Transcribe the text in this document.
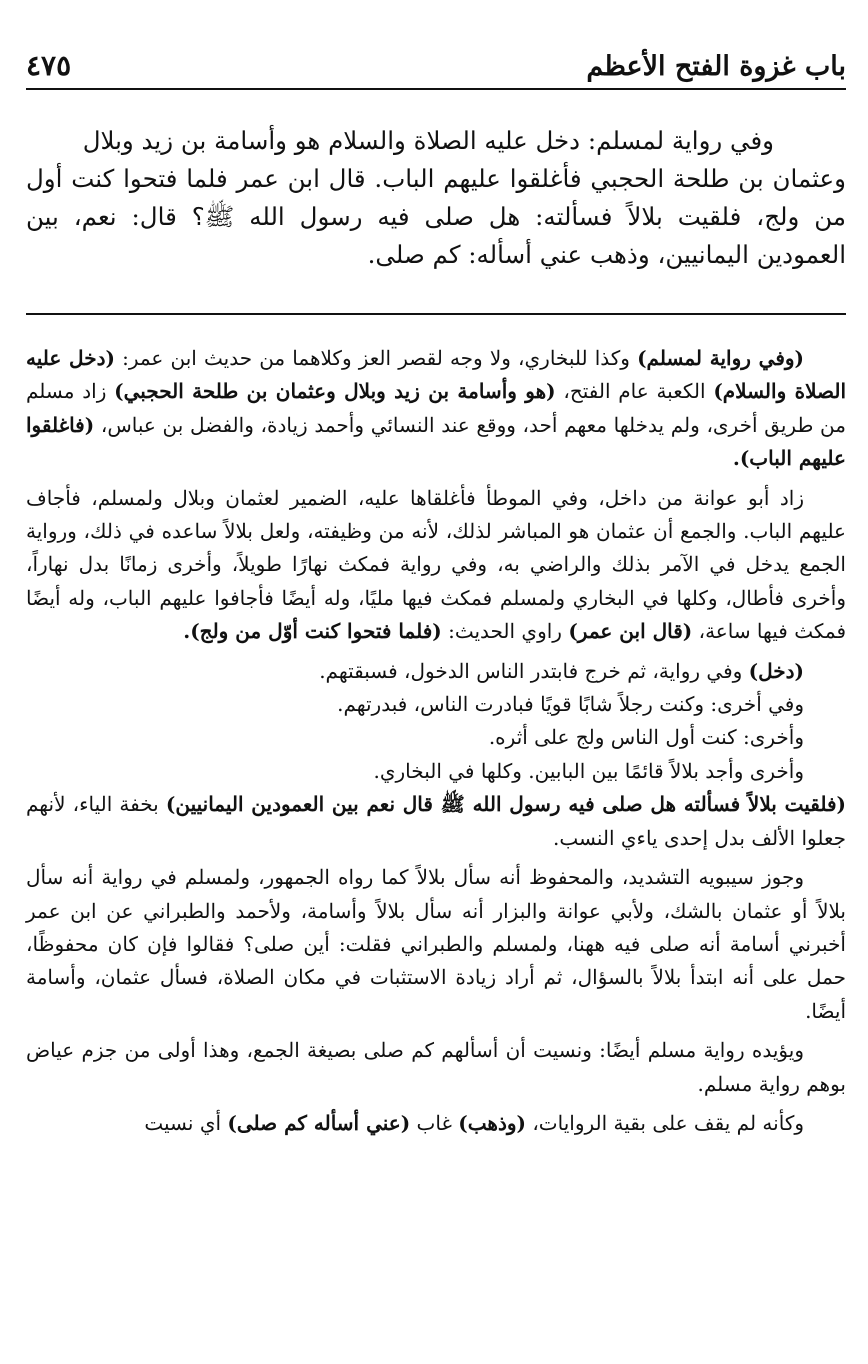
باب غزوة الفتح الأعظم
٤٧٥

وفي رواية لمسلم: دخل عليه الصلاة والسلام هو وأسامة بن زيد وبلال

وعثمان بن طلحة الحجبي فأغلقوا عليهم الباب. قال ابن عمر فلما فتحوا كنت أول من ولج، فلقيت بلالاً فسألته: هل صلى فيه رسول الله ﷺ؟ قال: نعم، بين العمودين اليمانيين، وذهب عني أسأله: كم صلى.

(وفي رواية لمسلم) وكذا للبخاري، ولا وجه لقصر العز وكلاهما من حديث ابن عمر: (دخل عليه الصلاة والسلام) الكعبة عام الفتح، (هو وأسامة بن زيد وبلال وعثمان بن طلحة الحجبي) زاد مسلم من طريق أخرى، ولم يدخلها معهم أحد، ووقع عند النسائي وأحمد زيادة، والفضل بن عباس، (فاغلقوا عليهم الباب).

زاد أبو عوانة من داخل، وفي الموطأ فأغلقاها عليه، الضمير لعثمان وبلال ولمسلم، فأجاف عليهم الباب. والجمع أن عثمان هو المباشر لذلك، لأنه من وظيفته، ولعل بلالاً ساعده في ذلك، ورواية الجمع يدخل في الآمر بذلك والراضي به، وفي رواية فمكث نهارًا طويلاً، وأخرى زمانًا بدل نهاراً، وأخرى فأطال، وكلها في البخاري ولمسلم فمكث فيها مليًا، وله أيضًا فأجافوا عليهم الباب، وله أيضًا فمكث فيها ساعة، (قال ابن عمر) راوي الحديث: (فلما فتحوا كنت أوّل من ولج).

(دخل) وفي رواية، ثم خرج فابتدر الناس الدخول، فسبقتهم.

وفي أخرى: وكنت رجلاً شابًا قويًا فبادرت الناس، فبدرتهم.

وأخرى: كنت أول الناس ولج على أثره.

وأخرى وأجد بلالاً قائمًا بين البابين. وكلها في البخاري.

(فلقيت بلالاً فسألته هل صلى فيه رسول الله ﷺ قال نعم بين العمودين اليمانيين) بخفة الياء، لأنهم جعلوا الألف بدل إحدى ياءي النسب.

وجوز سيبويه التشديد، والمحفوظ أنه سأل بلالاً كما رواه الجمهور، ولمسلم في رواية أنه سأل بلالاً أو عثمان بالشك، ولأبي عوانة والبزار أنه سأل بلالاً وأسامة، ولأحمد والطبراني عن ابن عمر أخبرني أسامة أنه صلى فيه ههنا، ولمسلم والطبراني فقلت: أين صلى؟ فقالوا فإن كان محفوظًا، حمل على أنه ابتدأ بلالاً بالسؤال، ثم أراد زيادة الاستثبات في مكان الصلاة، فسأل عثمان، وأسامة أيضًا.

ويؤيده رواية مسلم أيضًا: ونسيت أن أسألهم كم صلى بصيغة الجمع، وهذا أولى من جزم عياض بوهم رواية مسلم.

وكأنه لم يقف على بقية الروايات، (وذهب) غاب (عني أسأله كم صلى) أي نسيت
